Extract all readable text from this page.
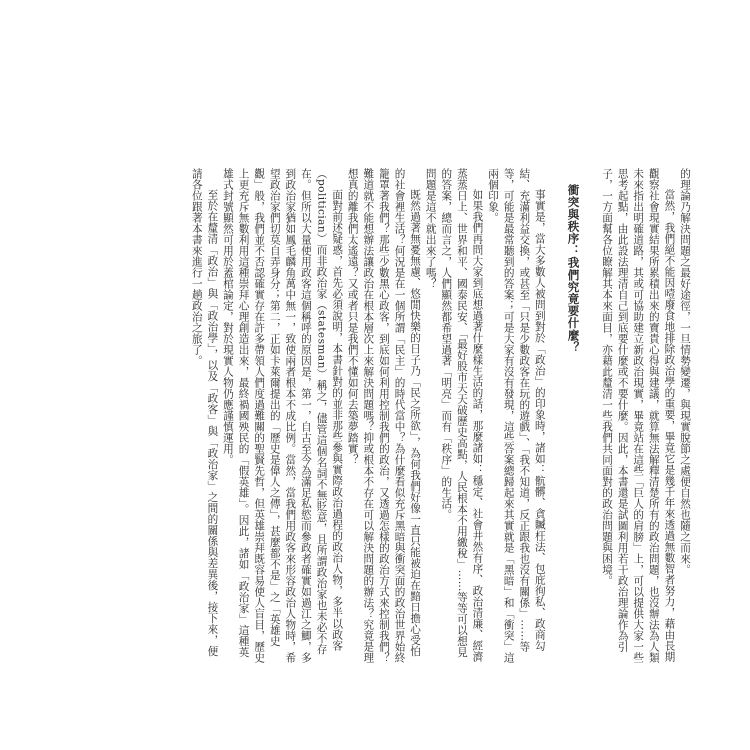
的理論乃解決問題之最好途徑，一旦情勢變遷，與現實脫節之處便自然也隨之而來。

當然，我們絕不能因噎廢食地排除政治學的重要，畢竟它是幾千年來透過無數智者努力，藉由長期觀察社會現實結果所累積出來的寶貴心得與建議，就算無法解釋清楚所有的政治問題，也沒辦法為人類未來指出明確道路，其或可協助建立新政治現實，畢竟站在這些「巨人的肩膀」上，可以提供大家一些思考起點，由此設法理清自己到底要什麼或不要什麼。因此，本書還是試圖利用若干政治理論作為引子，一方面幫各位瞭解其本來面目，亦藉此釐清一些我們共同面對的政治問題與困境。

衝突與秩序：我們究竟要什麼？

事實是，當大多數人被問到對於「政治」的印象時，諸如：骯髒、貪贓枉法、包庇徇私、政商勾結、充滿利益交換，或甚至「只是少數政客在玩的遊戲」、「我不知道，反正跟我也沒有關係」……等等，可能是最常聽到的答案；可是大家有沒有發現，這些答案總歸起來其實就是「黑暗」和「衝突」這兩個印象。

如果我們再問大家到底想過著什麼樣生活的話，那麼諸如：穩定、社會井然有序、政治清廉、經濟蒸蒸日上、世界和平、國泰民安、「最好股市天天破歷史高點，人民根本不用繳稅」……等等可以想見的答案，總而言之，人們顯然都希望過著「明亮」而有「秩序」的生活。

問題是這不就出來了嗎？

既然過著無憂無慮、悠閒快樂的日子乃「民之所欲」，為何我們好像一直只能被迫在黯日擔心受怕的社會裡生活？何況是在一個所謂「民主」的時代當中？為什麼看似充斥黑暗與衝突面的政治世界始終籠罩著我們？那些少數黑心政客，到底如何利用控制我們的政治，又透過怎樣的政治方式來控制我們？難道就不能想辦法讓政治在根本層次上來解決問題嗎？抑或根本不存在可以解決問題的辦法？究竟是理想真的離我們太遙遠？又或者只是我們不懂如何去築夢踏實？

面對前述疑惑，首先必須說明，本書針對的並非那些參與實際政治過程的政治人物，多半以政客（politician）而非政治家（statesman）稱之，儘管這個名詞不無貶意，且所謂政治家也未必不存在。但所以大量使用政客這個稱呼的原因是，第一，自古至今為滿足私慾而參政者確實如過江之鯽，多到政治家猶如鳳毛麟角萬中無一，致使兩者根本不成比例。當然，當我們用政客來形容政治人物時，希望政治家們切莫自弄身分；第二，正如卡萊爾提出的「歷史是偉人之傳」，甚麼都不是」之「英雄史觀」般，我們並不否認確實存在許多帶領人們度過難關的聖賢先哲，但英雄崇拜既容易使人盲目，歷史上更充斥無數利用這種崇拜心理創造出來，最終禍國殃民的「假英雄」。因此，諸如「政治家」這種英雄式封號顯然可用於蓋棺論定，對於現實人物仍應謹慎運用。

至於在釐清「政治」與「政治學」，以及「政客」與「政治家」之間的關係與差異後，接下來，便請各位跟著本書來進行一趟政治之旅了。
